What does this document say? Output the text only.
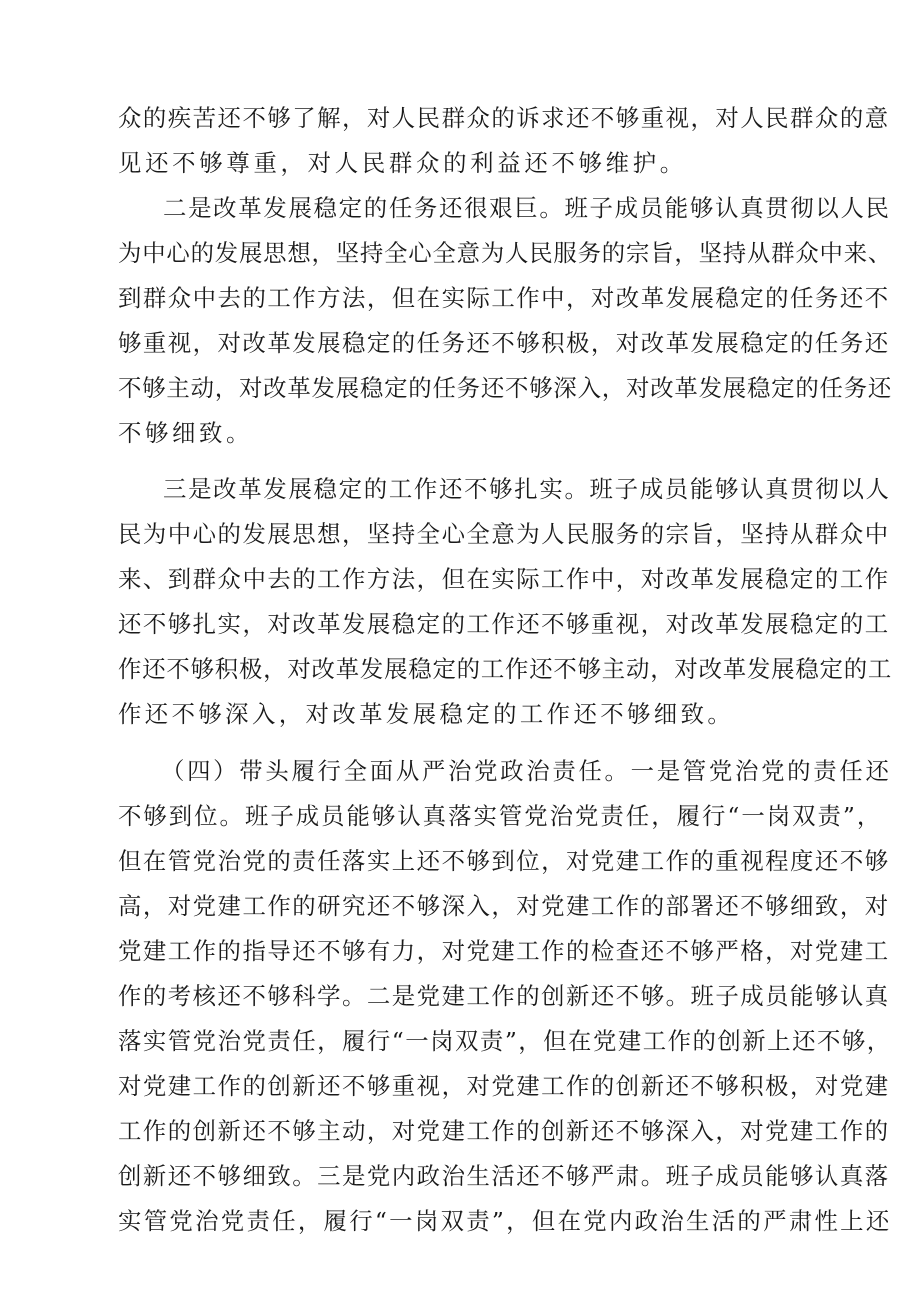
众的疾苦还不够了解，对人民群众的诉求还不够重视，对人民群众的意
见还不够尊重，对人民群众的利益还不够维护。
二是改革发展稳定的任务还很艰巨。班子成员能够认真贯彻以人民
为中心的发展思想，坚持全心全意为人民服务的宗旨，坚持从群众中来、
到群众中去的工作方法，但在实际工作中，对改革发展稳定的任务还不
够重视，对改革发展稳定的任务还不够积极，对改革发展稳定的任务还
不够主动，对改革发展稳定的任务还不够深入，对改革发展稳定的任务还
不够细致。
三是改革发展稳定的工作还不够扎实。班子成员能够认真贯彻以人
民为中心的发展思想，坚持全心全意为人民服务的宗旨，坚持从群众中
来、到群众中去的工作方法，但在实际工作中，对改革发展稳定的工作
还不够扎实，对改革发展稳定的工作还不够重视，对改革发展稳定的工
作还不够积极，对改革发展稳定的工作还不够主动，对改革发展稳定的工
作还不够深入，对改革发展稳定的工作还不够细致。
（四）带头履行全面从严治党政治责任。一是管党治党的责任还
不够到位。班子成员能够认真落实管党治党责任，履行“一岗双责”，
但在管党治党的责任落实上还不够到位，对党建工作的重视程度还不够
高，对党建工作的研究还不够深入，对党建工作的部署还不够细致，对
党建工作的指导还不够有力，对党建工作的检查还不够严格，对党建工
作的考核还不够科学。二是党建工作的创新还不够。班子成员能够认真
落实管党治党责任，履行“一岗双责”，但在党建工作的创新上还不够，
对党建工作的创新还不够重视，对党建工作的创新还不够积极，对党建
工作的创新还不够主动，对党建工作的创新还不够深入，对党建工作的
创新还不够细致。三是党内政治生活还不够严肃。班子成员能够认真落
实管党治党责任，履行“一岗双责”，但在党内政治生活的严肃性上还
